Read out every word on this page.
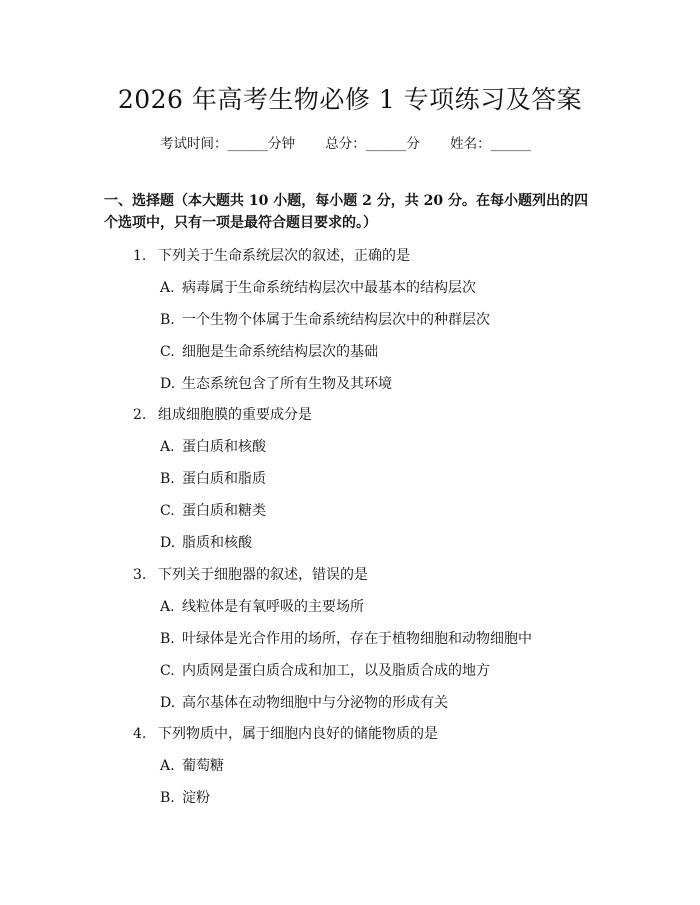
2026 年高考生物必修 1 专项练习及答案
考试时间：______分钟 总分：______分 姓名：______
一、选择题（本大题共 10 小题，每小题 2 分，共 20 分。在每小题列出的四个选项中，只有一项是最符合题目要求的。）
1. 下列关于生命系统层次的叙述，正确的是
A. 病毒属于生命系统结构层次中最基本的结构层次
B. 一个生物个体属于生命系统结构层次中的种群层次
C. 细胞是生命系统结构层次的基础
D. 生态系统包含了所有生物及其环境
2. 组成细胞膜的重要成分是
A. 蛋白质和核酸
B. 蛋白质和脂质
C. 蛋白质和糖类
D. 脂质和核酸
3. 下列关于细胞器的叙述，错误的是
A. 线粒体是有氧呼吸的主要场所
B. 叶绿体是光合作用的场所，存在于植物细胞和动物细胞中
C. 内质网是蛋白质合成和加工，以及脂质合成的地方
D. 高尔基体在动物细胞中与分泌物的形成有关
4. 下列物质中，属于细胞内良好的储能物质的是
A. 葡萄糖
B. 淀粉
